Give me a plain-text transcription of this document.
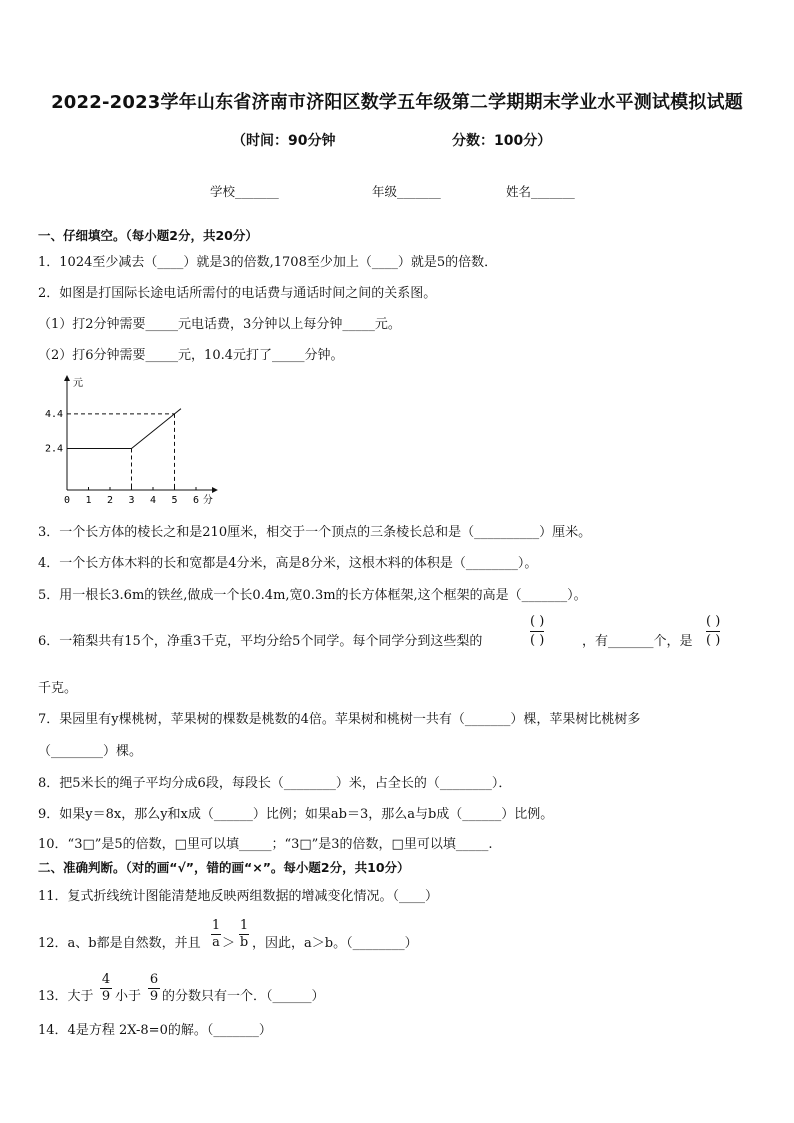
2022-2023学年山东省济南市济阳区数学五年级第二学期期末学业水平测试模拟试题
（时间：90分钟	分数：100分）
学校_______	年级_______	姓名_______
一、仔细填空。（每小题2分，共20分）
1．1024至少减去（____）就是3的倍数,1708至少加上（____）就是5的倍数．
2．如图是打国际长途电话所需付的电话费与通话时间之间的关系图。
（1）打2分钟需要_____元电话费，3分钟以上每分钟_____元。
（2）打6分钟需要_____元，10.4元打了_____分钟。
元
分
0 1 2 3 4 5 6
2.4
4.4
3．一个长方体的棱长之和是210厘米，相交于一个顶点的三条棱长总和是（__________）厘米。
4．一个长方体木料的长和宽都是4分米，高是8分米，这根木料的体积是（________）。
5．用一根长3.6m的铁丝,做成一个长0.4m,宽0.3m的长方体框架,这个框架的高是（_______）。
6．一箱梨共有15个，净重3千克，平均分给5个同学。每个同学分到这些梨的
( )
( )	，有_______个，是
( )
( )
千克。
7．果园里有y棵桃树，苹果树的棵数是桃数的4倍。苹果树和桃树一共有（_______）棵，苹果树比桃树多
（________）棵。
8．把5米长的绳子平均分成6段，每段长（________）米，占全长的（________）．
9．如果y＝8x，那么y和x成（______）比例；如果ab＝3，那么a与b成（______）比例。
10．“3□”是5的倍数，□里可以填_____；“3□”是3的倍数，□里可以填_____.
二、准确判断。（对的画“√”，错的画“×”。每小题2分，共10分）
11．复式折线统计图能清楚地反映两组数据的增减变化情况。（____）
12．a、b都是自然数，并且
1
a ＞
1
b ，因此，a＞b。（________）
13．大于
4
9 小于
6
9 的分数只有一个．（______）
14．4是方程 2X-8=0的解。（_______）
